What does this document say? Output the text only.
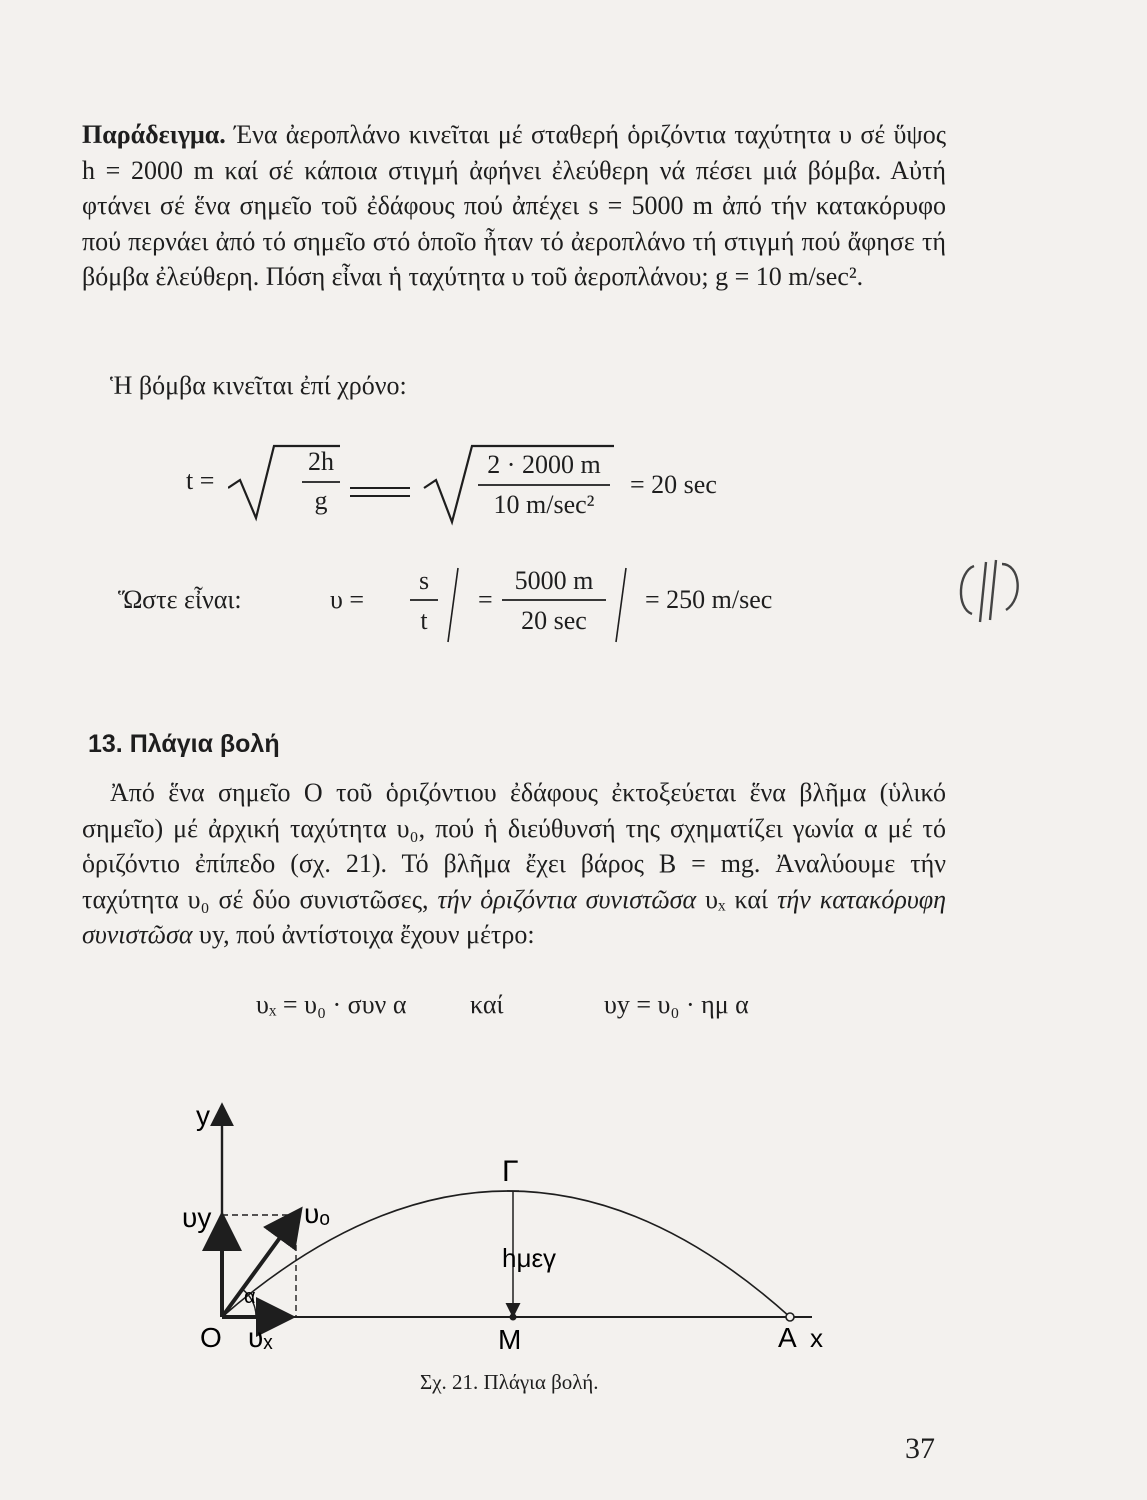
Παράδειγμα. Ένα ἀεροπλάνο κινεῖται μέ σταθερή ὁριζόντια ταχύτητα υ σέ ὕψος h = 2000 m καί σέ κάποια στιγμή ἀφήνει ἐλεύθερη νά πέσει μιά βόμβα. Αὐτή φτάνει σέ ἕνα σημεῖο τοῦ ἐδάφους πού ἀπέχει s = 5000 m ἀπό τήν κατακόρυφο πού περνάει ἀπό τό σημεῖο στό ὁποῖο ἦταν τό ἀεροπλάνο τή στιγμή πού ἄφησε τή βόμβα ἐλεύθερη. Πόση εἶναι ἡ ταχύτητα υ τοῦ ἀεροπλάνου; g = 10 m/sec².
Ἡ βόμβα κινεῖται ἐπί χρόνο:
t =
2h
g
2 · 2000 m
10 m/sec²
= 20 sec
Ὥστε εἶναι:	υ =
s
t
=
5000 m
20 sec
= 250 m/sec
13. Πλάγια βολή
Ἀπό ἕνα σημεῖο Ο τοῦ ὁριζόντιου ἐδάφους ἐκτοξεύεται ἕνα βλῆμα (ὑλικό σημεῖο) μέ ἀρχική ταχύτητα υ₀, πού ἡ διεύθυνσή της σχηματίζει γωνία α μέ τό ὁριζόντιο ἐπίπεδο (σχ. 21). Τό βλῆμα ἔχει βάρος Β = mg. Ἀναλύουμε τήν ταχύτητα υ₀ σέ δύο συνιστῶσες, τήν ὁριζόντια συνιστῶσα υₓ καί τήν κατακόρυφη συνιστῶσα υy, πού ἀντίστοιχα ἔχουν μέτρο:
υₓ = υ₀ · συν α καί	υy = υ₀ · ημ α
y
υy	υₒ
α
O υₓ
Γ
hμεγ
Μ	Α x
Σχ. 21. Πλάγια βολή.
37
